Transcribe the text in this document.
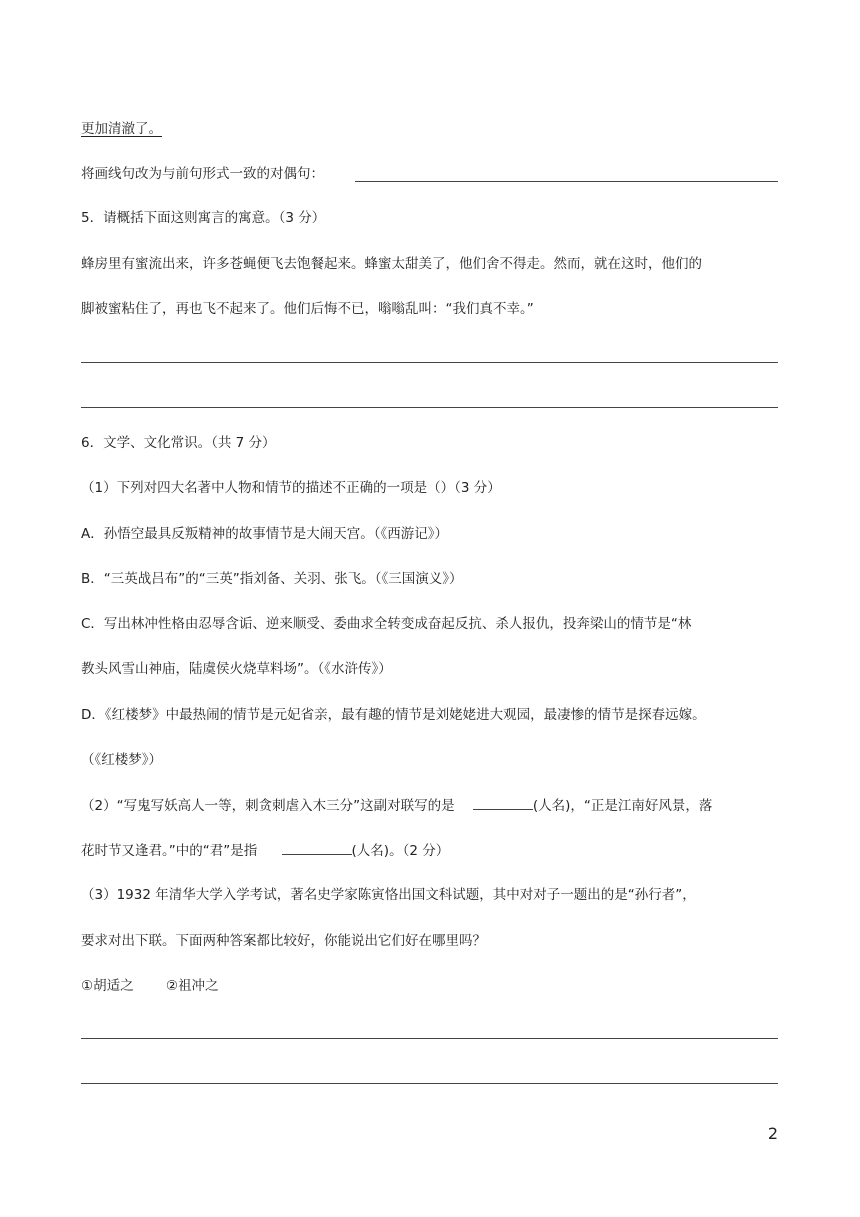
更加清澈了。
将画线句改为与前句形式一致的对偶句：
5．请概括下面这则寓言的寓意。（3 分）
蜂房里有蜜流出来，许多苍蝇便飞去饱餐起来。蜂蜜太甜美了，他们舍不得走。然而，就在这时，他们的
脚被蜜粘住了，再也飞不起来了。他们后悔不已，嗡嗡乱叫：“我们真不幸。”
6．文学、文化常识。（共 7 分）
（1）下列对四大名著中人物和情节的描述不正确的一项是（）（3 分）
A．孙悟空最具反叛精神的故事情节是大闹天宫。（《西游记》）
B．“三英战吕布”的“三英”指刘备、关羽、张飞。（《三国演义》）
C．写出林冲性格由忍辱含诟、逆来顺受、委曲求全转变成奋起反抗、杀人报仇，投奔梁山的情节是“林
教头风雪山神庙，陆虞侯火烧草料场”。（《水浒传》）
D．《红楼梦》中最热闹的情节是元妃省亲，最有趣的情节是刘姥姥进大观园，最凄惨的情节是探春远嫁。
（《红楼梦》）
（2）“写鬼写妖高人一等，刺贪刺虐入木三分”这副对联写的是	(人名)，“正是江南好风景，落
花时节又逢君。”中的“君”是指	(人名)。（2 分）
（3）1932 年清华大学入学考试，著名史学家陈寅恪出国文科试题，其中对对子一题出的是“孙行者”，
要求对出下联。下面两种答案都比较好，你能说出它们好在哪里吗？
①胡适之 ②祖冲之
2
